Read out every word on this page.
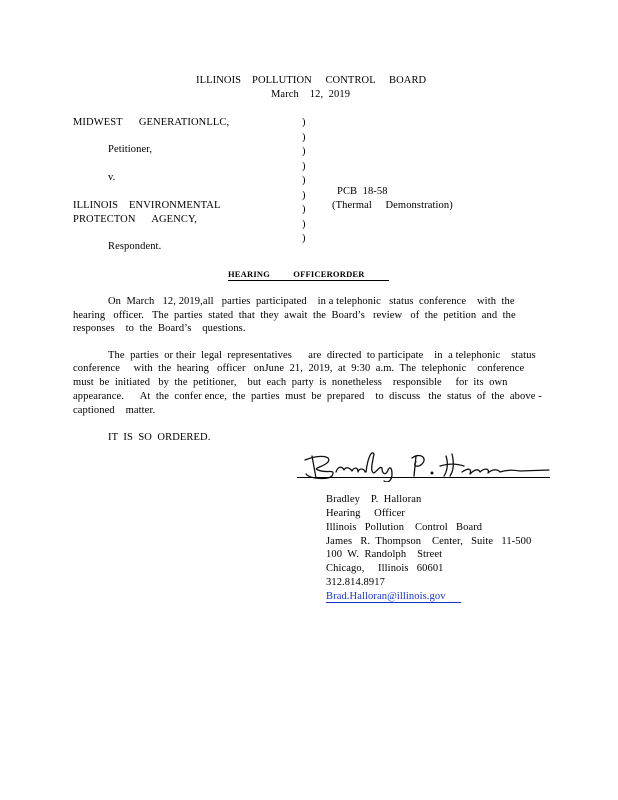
ILLINOIS    POLLUTION     CONTROL     BOARD
March    12,  2019
MIDWEST      GENERATIONLLC,
Petitioner,
v.
ILLINOIS    ENVIRONMENTAL
PROTECTON      AGENCY,
Respondent.
)
)
)
)
)
)
)
)
)
PCB  18-58
(Thermal     Demonstration)
HEARING          OFFICERORDER
On  March   12, 2019,all   parties  participated    in a telephonic   status  conference    with  the
hearing   officer.   The  parties  stated  that  they  await  the  Board’s   review   of  the  petition  and  the
responses    to  the  Board’s    questions.
The  parties  or their  legal  representatives      are  directed  to participate    in  a telephonic    status
conference     with  the  hearing   officer   onJune  21,  2019,  at  9:30  a.m.  The  telephonic    conference
must  be  initiated   by  the  petitioner,    but  each  party  is  nonetheless    responsible     for  its  own
appearance.      At  the  confer ence,  the  parties  must  be  prepared    to  discuss   the  status  of  the  above -
captioned    matter.
IT  IS  SO  ORDERED.
Bradley    P.  Halloran
Hearing     Officer
Illinois   Pollution    Control   Board
James   R.  Thompson    Center,   Suite   11-500
100  W.  Randolph    Street
Chicago,     Illinois   60601
312.814.8917
Brad.Halloran@illinois.gov
